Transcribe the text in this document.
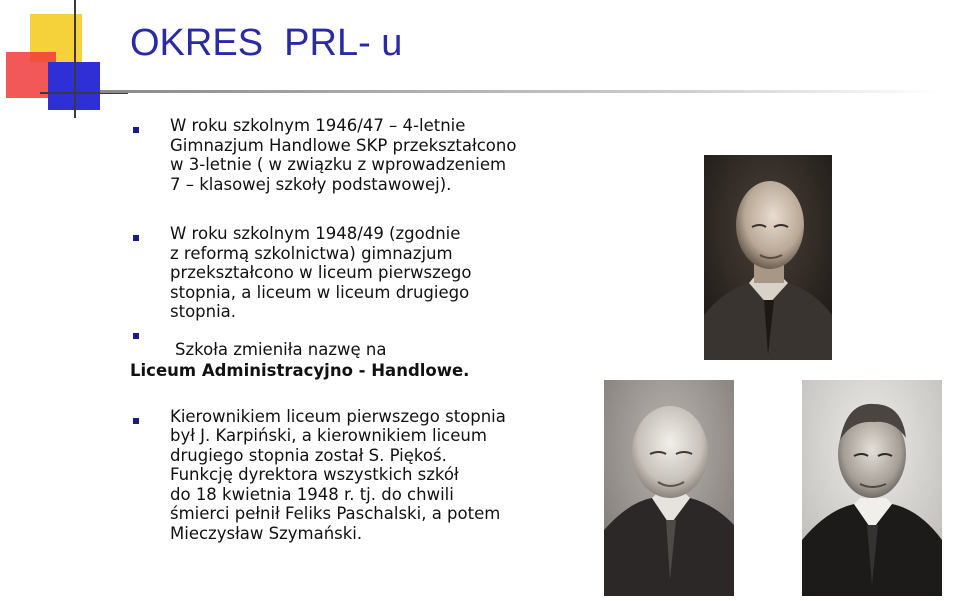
OKRES  PRL- u
W roku szkolnym 1946/47 – 4-letnie
Gimnazjum Handlowe SKP przekształcono
w 3-letnie ( w związku z wprowadzeniem
7 – klasowej szkoły podstawowej).
W roku szkolnym 1948/49 (zgodnie
z reformą szkolnictwa) gimnazjum
przekształcono w liceum pierwszego
stopnia, a liceum w liceum drugiego
stopnia.
Szkoła zmieniła nazwę na
Liceum Administracyjno - Handlowe.
Kierownikiem liceum pierwszego stopnia
był J. Karpiński, a kierownikiem liceum
drugiego stopnia został S. Piękoś.
Funkcję dyrektora wszystkich szkół
do 18 kwietnia 1948 r. tj. do chwili
śmierci pełnił Feliks Paschalski, a potem
Mieczysław Szymański.
